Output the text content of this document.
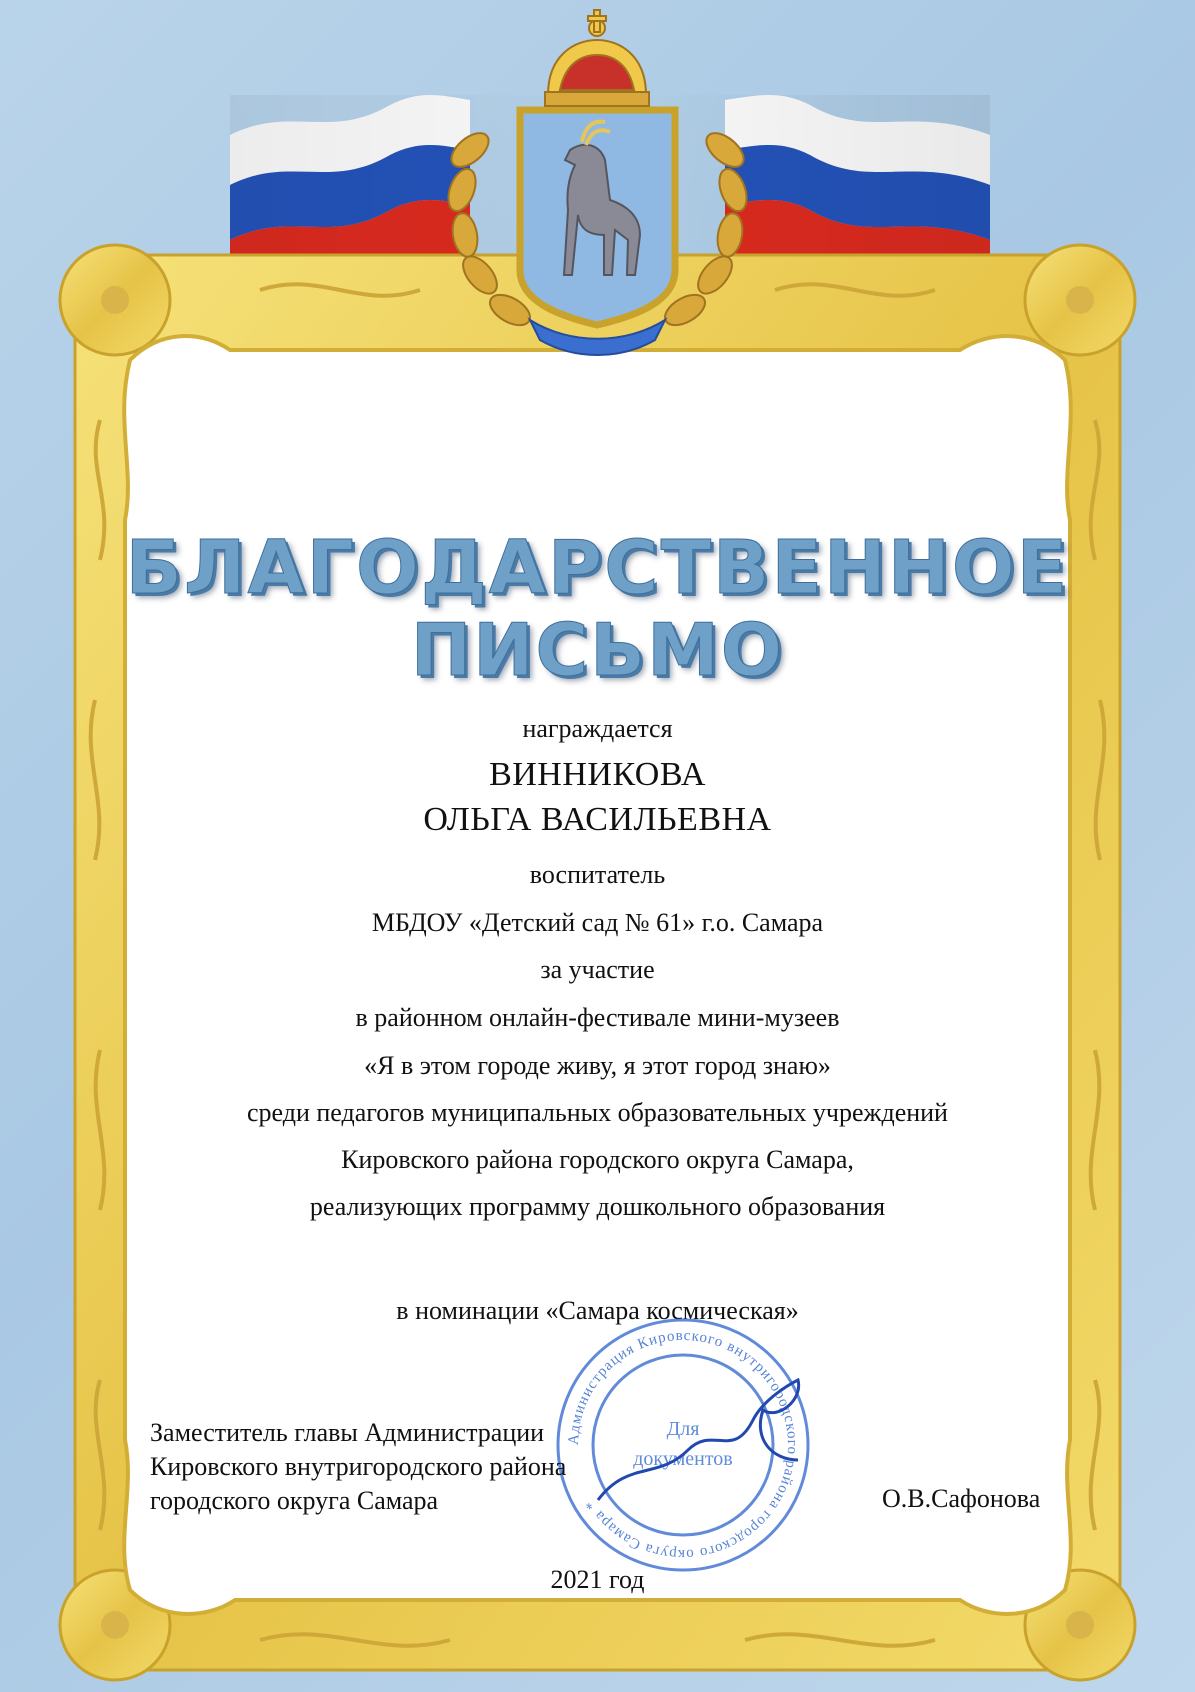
БЛАГОДАРСТВЕННОЕ
ПИСЬМО
награждается
ВИННИКОВА
ОЛЬГА ВАСИЛЬЕВНА
воспитатель
МБДОУ «Детский сад № 61» г.о. Самара
за участие
в районном онлайн-фестивале мини-музеев
«Я в этом городе живу, я этот город знаю»
среди педагогов муниципальных образовательных учреждений
Кировского района городского округа Самара,
реализующих программу дошкольного образования
в номинации «Самара космическая»
Администрация Кировского внутригородского района городского округа Самара *
Для
документов
Заместитель главы Администрации
Кировского внутригородского района
городского округа Самара	О.В.Сафонова
2021 год
